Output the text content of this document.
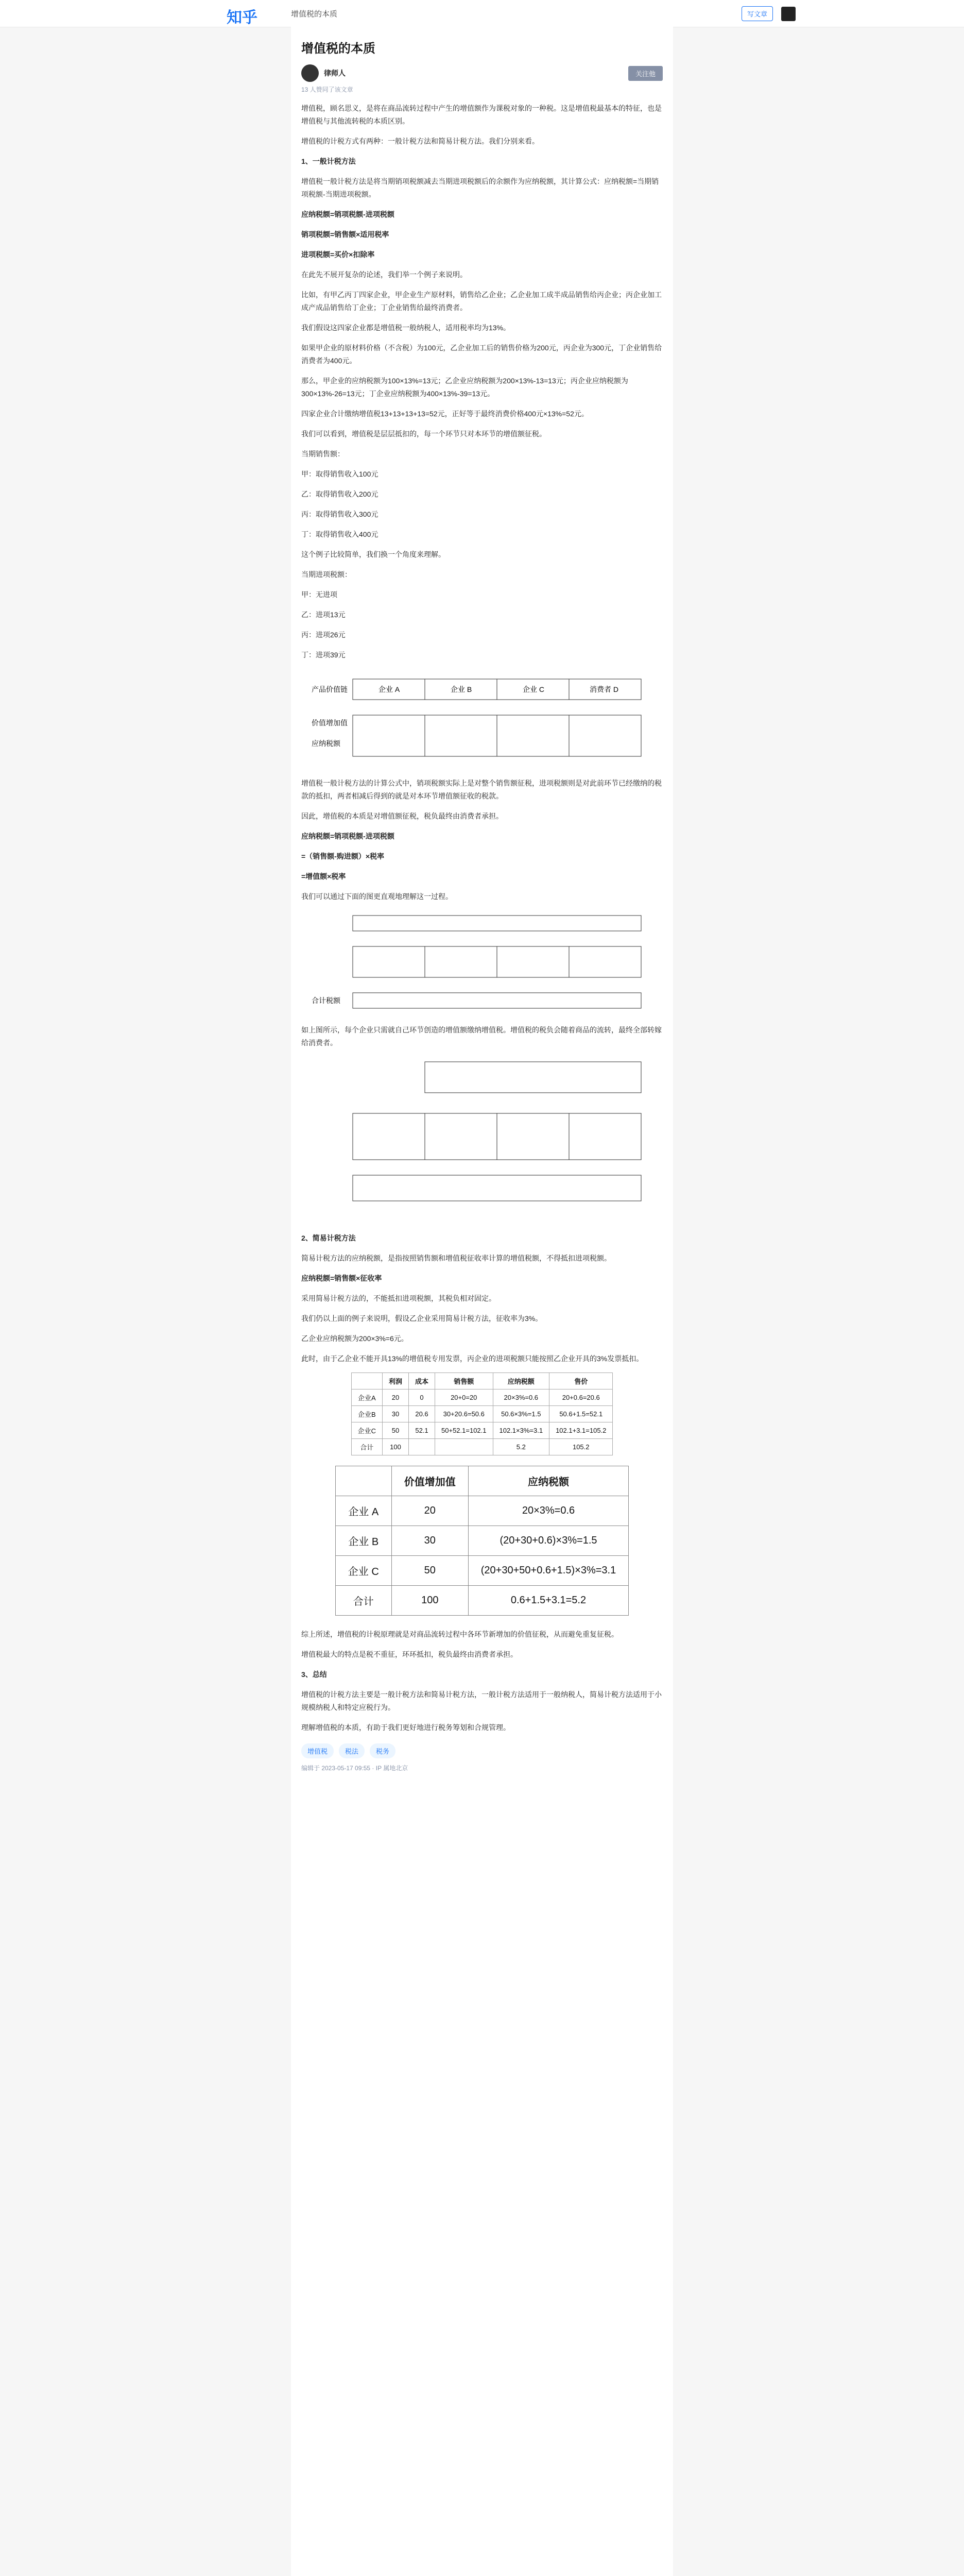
知乎	增值税的本质	写文章
增值税的本质
律师人	关注他
13 人赞同了该文章

增值税，顾名思义，是将在商品流转过程中产生的增值额作为课税对象的一种税。这是增值税最基本的特征，也是增值税与其他流转税的本质区别。

增值税的计税方式有两种：一般计税方法和简易计税方法。我们分别来看。

1、一般计税方法

增值税一般计税方法是将当期销项税额减去当期进项税额后的余额作为应纳税额，其计算公式：应纳税额=当期销项税额-当期进项税额。

应纳税额=销项税额-进项税额

销项税额=销售额×适用税率

进项税额=买价×扣除率

在此先不展开复杂的论述，我们举一个例子来说明。

比如，有甲乙丙丁四家企业，甲企业生产原材料，销售给乙企业；乙企业加工成半成品销售给丙企业；丙企业加工成产成品销售给丁企业；丁企业销售给最终消费者。

我们假设这四家企业都是增值税一般纳税人，适用税率均为13%。

如果甲企业的原材料价格（不含税）为100元，乙企业加工后的销售价格为200元，丙企业为300元，丁企业销售给消费者为400元。

那么，甲企业的应纳税额为100×13%=13元；乙企业应纳税额为200×13%-13=13元；丙企业应纳税额为300×13%-26=13元；丁企业应纳税额为400×13%-39=13元。

四家企业合计缴纳增值税13+13+13+13=52元，正好等于最终消费价格400元×13%=52元。

我们可以看到，增值税是层层抵扣的，每一个环节只对本环节的增值额征税。

当期销售额：

甲：取得销售收入100元

乙：取得销售收入200元

丙：取得销售收入300元

丁：取得销售收入400元

这个例子比较简单，我们换一个角度来理解。

当期进项税额：

甲：无进项

乙：进项13元

丙：进项26元

丁：进项39元

产品价值链	企业 A	企业 B	企业 C	消费者 D
价值增加值
应纳税额

增值税一般计税方法的计算公式中，销项税额实际上是对整个销售额征税，进项税额则是对此前环节已经缴纳的税款的抵扣，两者相减后得到的就是对本环节增值额征收的税款。

因此，增值税的本质是对增值额征税，税负最终由消费者承担。

应纳税额=销项税额-进项税额

=（销售额-购进额）×税率

=增值额×税率

我们可以通过下面的图更直观地理解这一过程。

合计税额

如上图所示，每个企业只需就自己环节创造的增值额缴纳增值税。增值税的税负会随着商品的流转，最终全部转嫁给消费者。

2、简易计税方法

简易计税方法的应纳税额，是指按照销售额和增值税征收率计算的增值税额，不得抵扣进项税额。

应纳税额=销售额×征收率

采用简易计税方法的，不能抵扣进项税额，其税负相对固定。

我们仍以上面的例子来说明，假设乙企业采用简易计税方法，征收率为3%。

乙企业应纳税额为200×3%=6元。

此时，由于乙企业不能开具13%的增值税专用发票，丙企业的进项税额只能按照乙企业开具的3%发票抵扣。

	利润	成本	销售额	应纳税额	售价
企业A	20	0	20+0=20	20×3%=0.6	20+0.6=20.6
企业B	30	20.6	30+20.6=50.6	50.6×3%=1.5	50.6+1.5=52.1
企业C	50	52.1	50+52.1=102.1	102.1×3%=3.1	102.1+3.1=105.2
合计	100			5.2	105.2
	价值增加值	应纳税额
企业 A	20	20×3%=0.6
企业 B	30	(20+30+0.6)×3%=1.5
企业 C	50	(20+30+50+0.6+1.5)×3%=3.1
合计	100	0.6+1.5+3.1=5.2

综上所述，增值税的计税原理就是对商品流转过程中各环节新增加的价值征税，从而避免重复征税。

增值税最大的特点是税不重征，环环抵扣，税负最终由消费者承担。

3、总结

增值税的计税方法主要是一般计税方法和简易计税方法，一般计税方法适用于一般纳税人，简易计税方法适用于小规模纳税人和特定应税行为。

理解增值税的本质，有助于我们更好地进行税务筹划和合规管理。

增值税	税法	税务
编辑于 2023-05-17 09:55 · IP 属地北京
